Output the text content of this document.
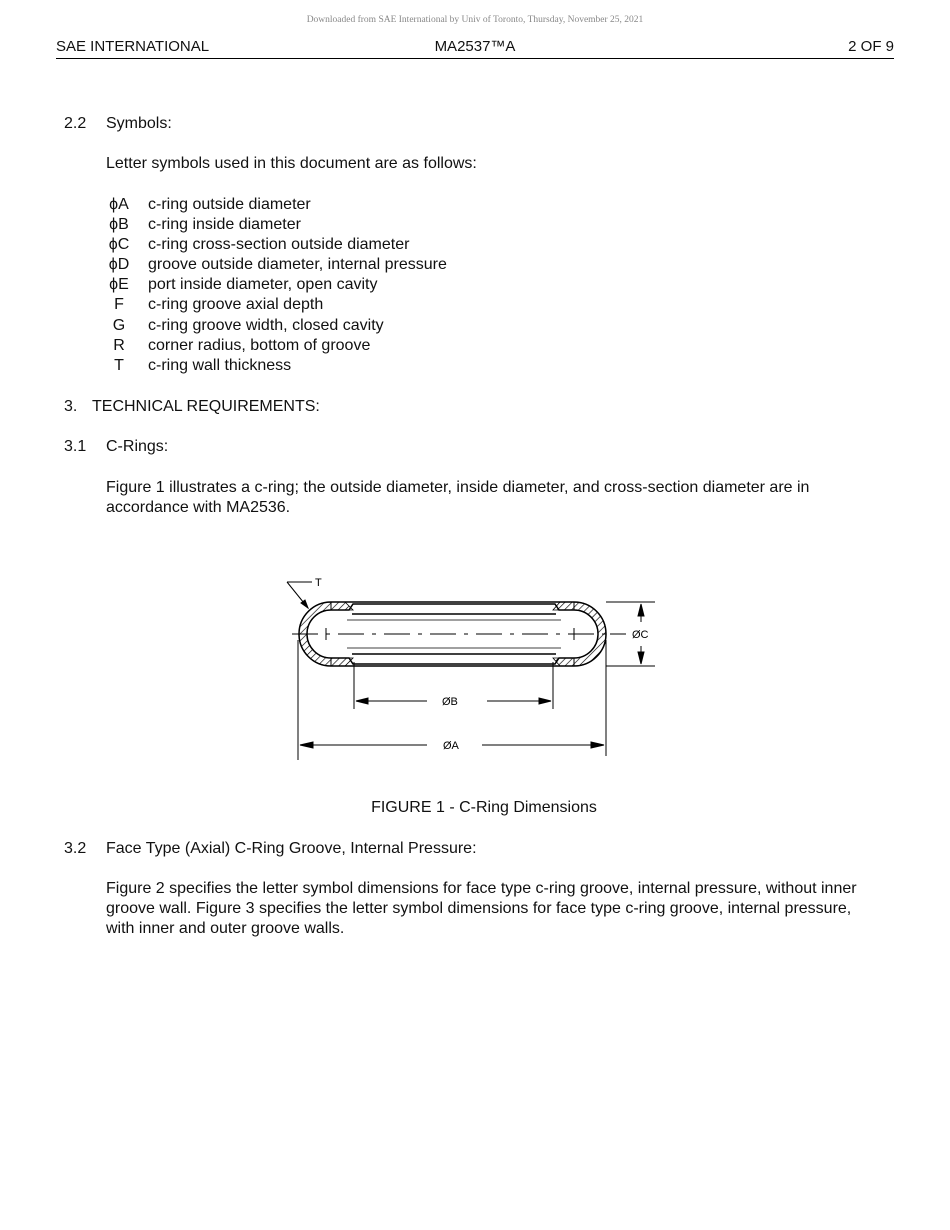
Downloaded from SAE International by Univ of Toronto, Thursday, November 25, 2021
MA2537™A
SAE INTERNATIONAL	2 OF 9
2.2 Symbols:
Letter symbols used in this document are as follows:
ϕA c-ring outside diameter
ϕB c-ring inside diameter
ϕC c-ring cross-section outside diameter
ϕD groove outside diameter, internal pressure
ϕE port inside diameter, open cavity
F	c-ring groove axial depth
G	c-ring groove width, closed cavity
R	corner radius, bottom of groove
T	c-ring wall thickness
3. TECHNICAL REQUIREMENTS:
3.1 C-Rings:
Figure 1 illustrates a c-ring; the outside diameter, inside diameter, and cross-section diameter are in accordance with MA2536.
T
ØC
ØB
ØA
FIGURE 1 - C-Ring Dimensions
3.2 Face Type (Axial) C-Ring Groove, Internal Pressure:
Figure 2 specifies the letter symbol dimensions for face type c-ring groove, internal pressure, without inner groove wall. Figure 3 specifies the letter symbol dimensions for face type c-ring groove, internal pressure, with inner and outer groove walls.
